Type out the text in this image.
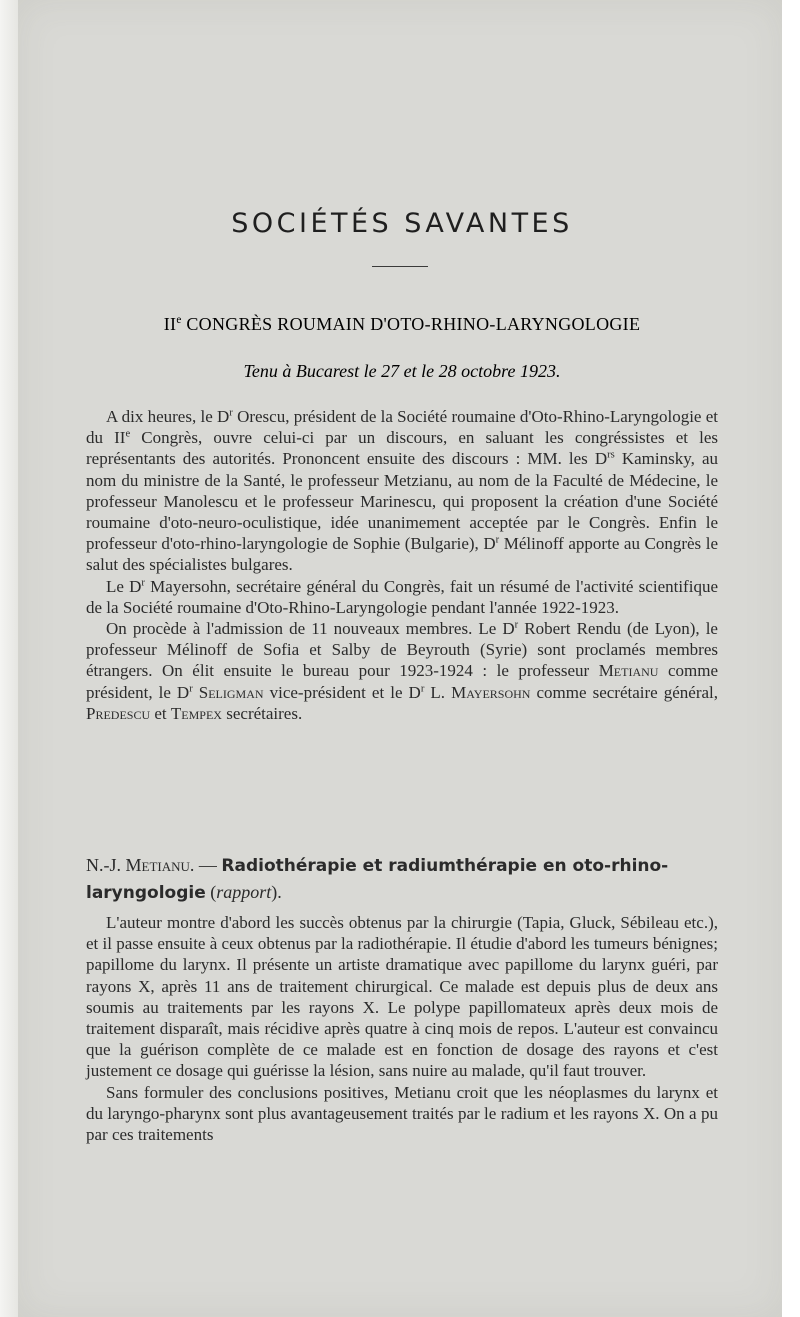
SOCIÉTÉS SAVANTES
IIe CONGRÈS ROUMAIN D'OTO-RHINO-LARYNGOLOGIE
Tenu à Bucarest le 27 et le 28 octobre 1923.

A dix heures, le $D^r$ Orescu, président de la Société roumaine d'Oto-Rhino-Laryngologie et du IIe Congrès, ouvre celui-ci par un discours, en saluant les congréssistes et les représentants des autorités. Prononcent ensuite des discours : MM. les $D^{rs}$ Kaminsky, au nom du ministre de la Santé, le professeur Metzianu, au nom de la Faculté de Médecine, le professeur Manolescu et le professeur Marinescu, qui proposent la création d'une Société roumaine d'oto-neuro-oculistique, idée unanimement acceptée par le Congrès. Enfin le professeur d'oto-rhino-laryngologie de Sophie (Bulgarie), $D^r$ Mélinoff apporte au Congrès le salut des spécialistes bulgares.

Le $D^r$ Mayersohn, secrétaire général du Congrès, fait un résumé de l'activité scientifique de la Société roumaine d'Oto-Rhino-Laryngologie pendant l'année 1922-1923.

On procède à l'admission de 11 nouveaux membres. Le $D^r$ Robert Rendu (de Lyon), le professeur Mélinoff de Sofia et Salby de Beyrouth (Syrie) sont proclamés membres étrangers. On élit ensuite le bureau pour 1923-1924 : le professeur Metianu comme président, le $D^r$ Seligman vice-président et le $D^r$ L. Mayersohn comme secrétaire général, Predescu et Tempex secrétaires.

N.-J. Metianu. — Radiothérapie et radiumthérapie en oto-rhino-laryngologie (rapport).

L'auteur montre d'abord les succès obtenus par la chirurgie (Tapia, Gluck, Sébileau etc.), et il passe ensuite à ceux obtenus par la radiothérapie. Il étudie d'abord les tumeurs bénignes; papillome du larynx. Il présente un artiste dramatique avec papillome du larynx guéri, par rayons X, après 11 ans de traitement chirurgical. Ce malade est depuis plus de deux ans soumis au traitements par les rayons X. Le polype papillomateux après deux mois de traitement disparaît, mais récidive après quatre à cinq mois de repos. L'auteur est convaincu que la guérison complète de ce malade est en fonction de dosage des rayons et c'est justement ce dosage qui guérisse la lésion, sans nuire au malade, qu'il faut trouver.

Sans formuler des conclusions positives, Metianu croit que les néoplasmes du larynx et du laryngo-pharynx sont plus avantageusement traités par le radium et les rayons X. On a pu par ces traitements
